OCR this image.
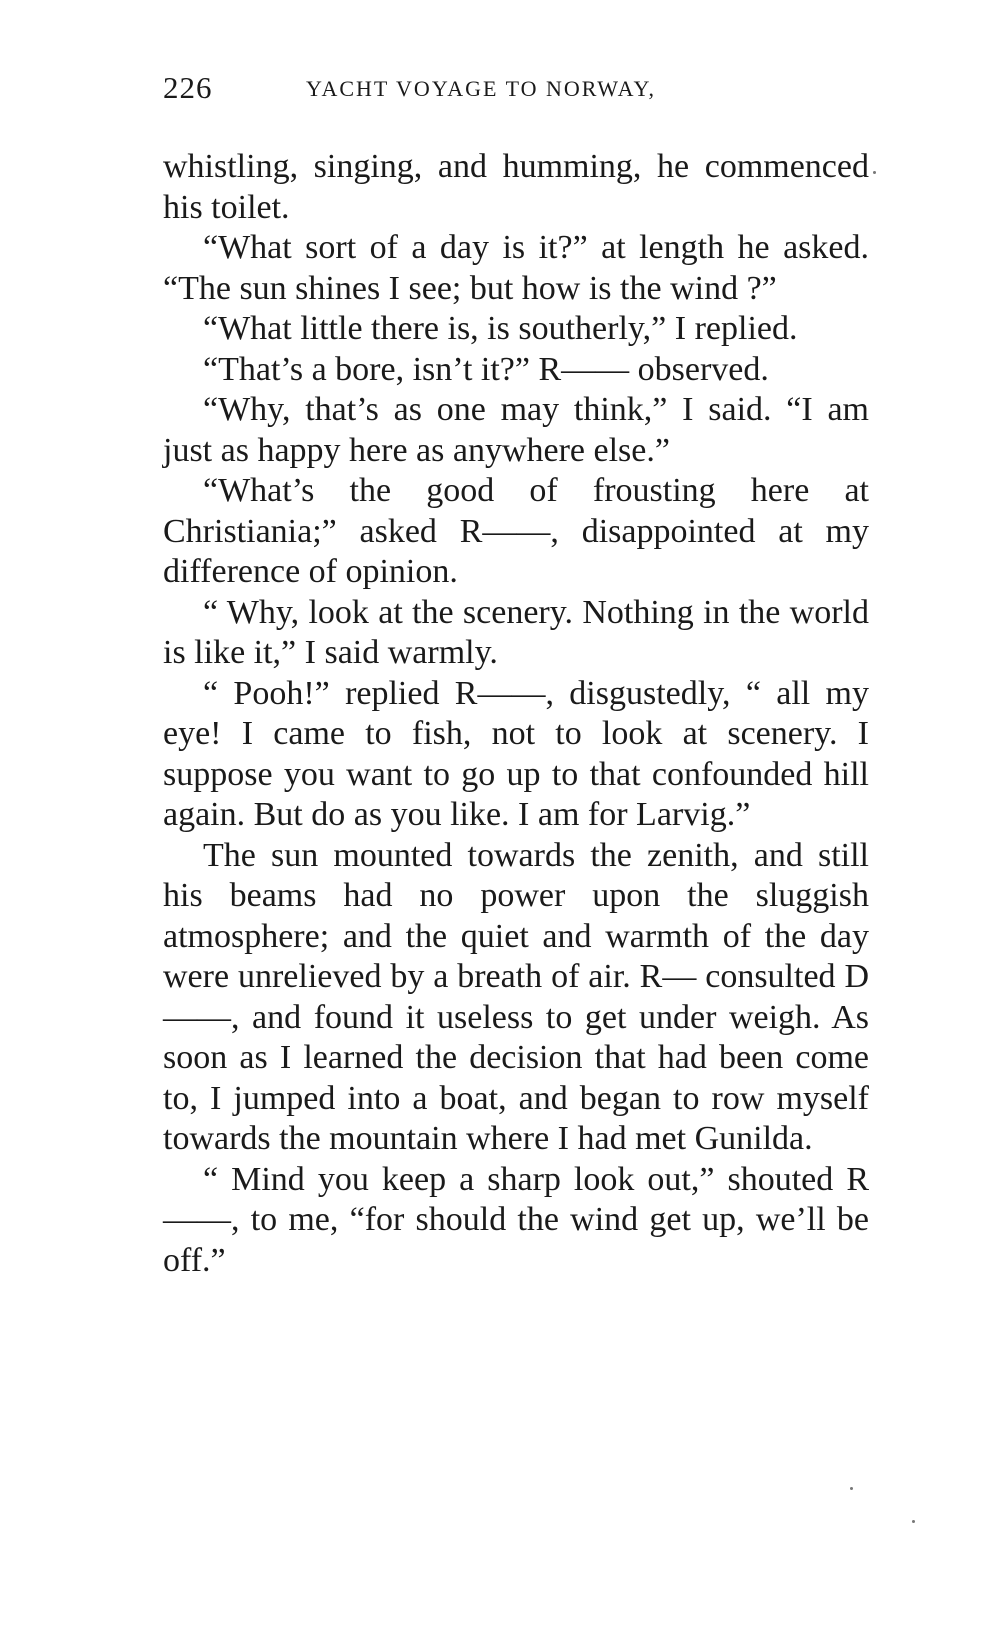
226	YACHT VOYAGE TO NORWAY,

whistling, singing, and humming, he commenced his toilet.

“What sort of a day is it?” at length he asked. “The sun shines I see; but how is the wind ?”

“What little there is, is southerly,” I replied.

“That’s a bore, isn’t it?” R—— observed.

“Why, that’s as one may think,” I said. “I am just as happy here as anywhere else.”

“What’s the good of frousting here at Christiania;” asked R——, disappointed at my difference of opinion.

“ Why, look at the scenery. Nothing in the world is like it,” I said warmly.

“ Pooh!” replied R——, disgustedly, “ all my eye! I came to fish, not to look at scenery. I suppose you want to go up to that confounded hill again. But do as you like. I am for Larvig.”

The sun mounted towards the zenith, and still his beams had no power upon the sluggish atmosphere; and the quiet and warmth of the day were unrelieved by a breath of air. R— consulted D——, and found it useless to get under weigh. As soon as I learned the decision that had been come to, I jumped into a boat, and began to row myself towards the mountain where I had met Gunilda.

“ Mind you keep a sharp look out,” shouted R——, to me, “for should the wind get up, we’ll be off.”
